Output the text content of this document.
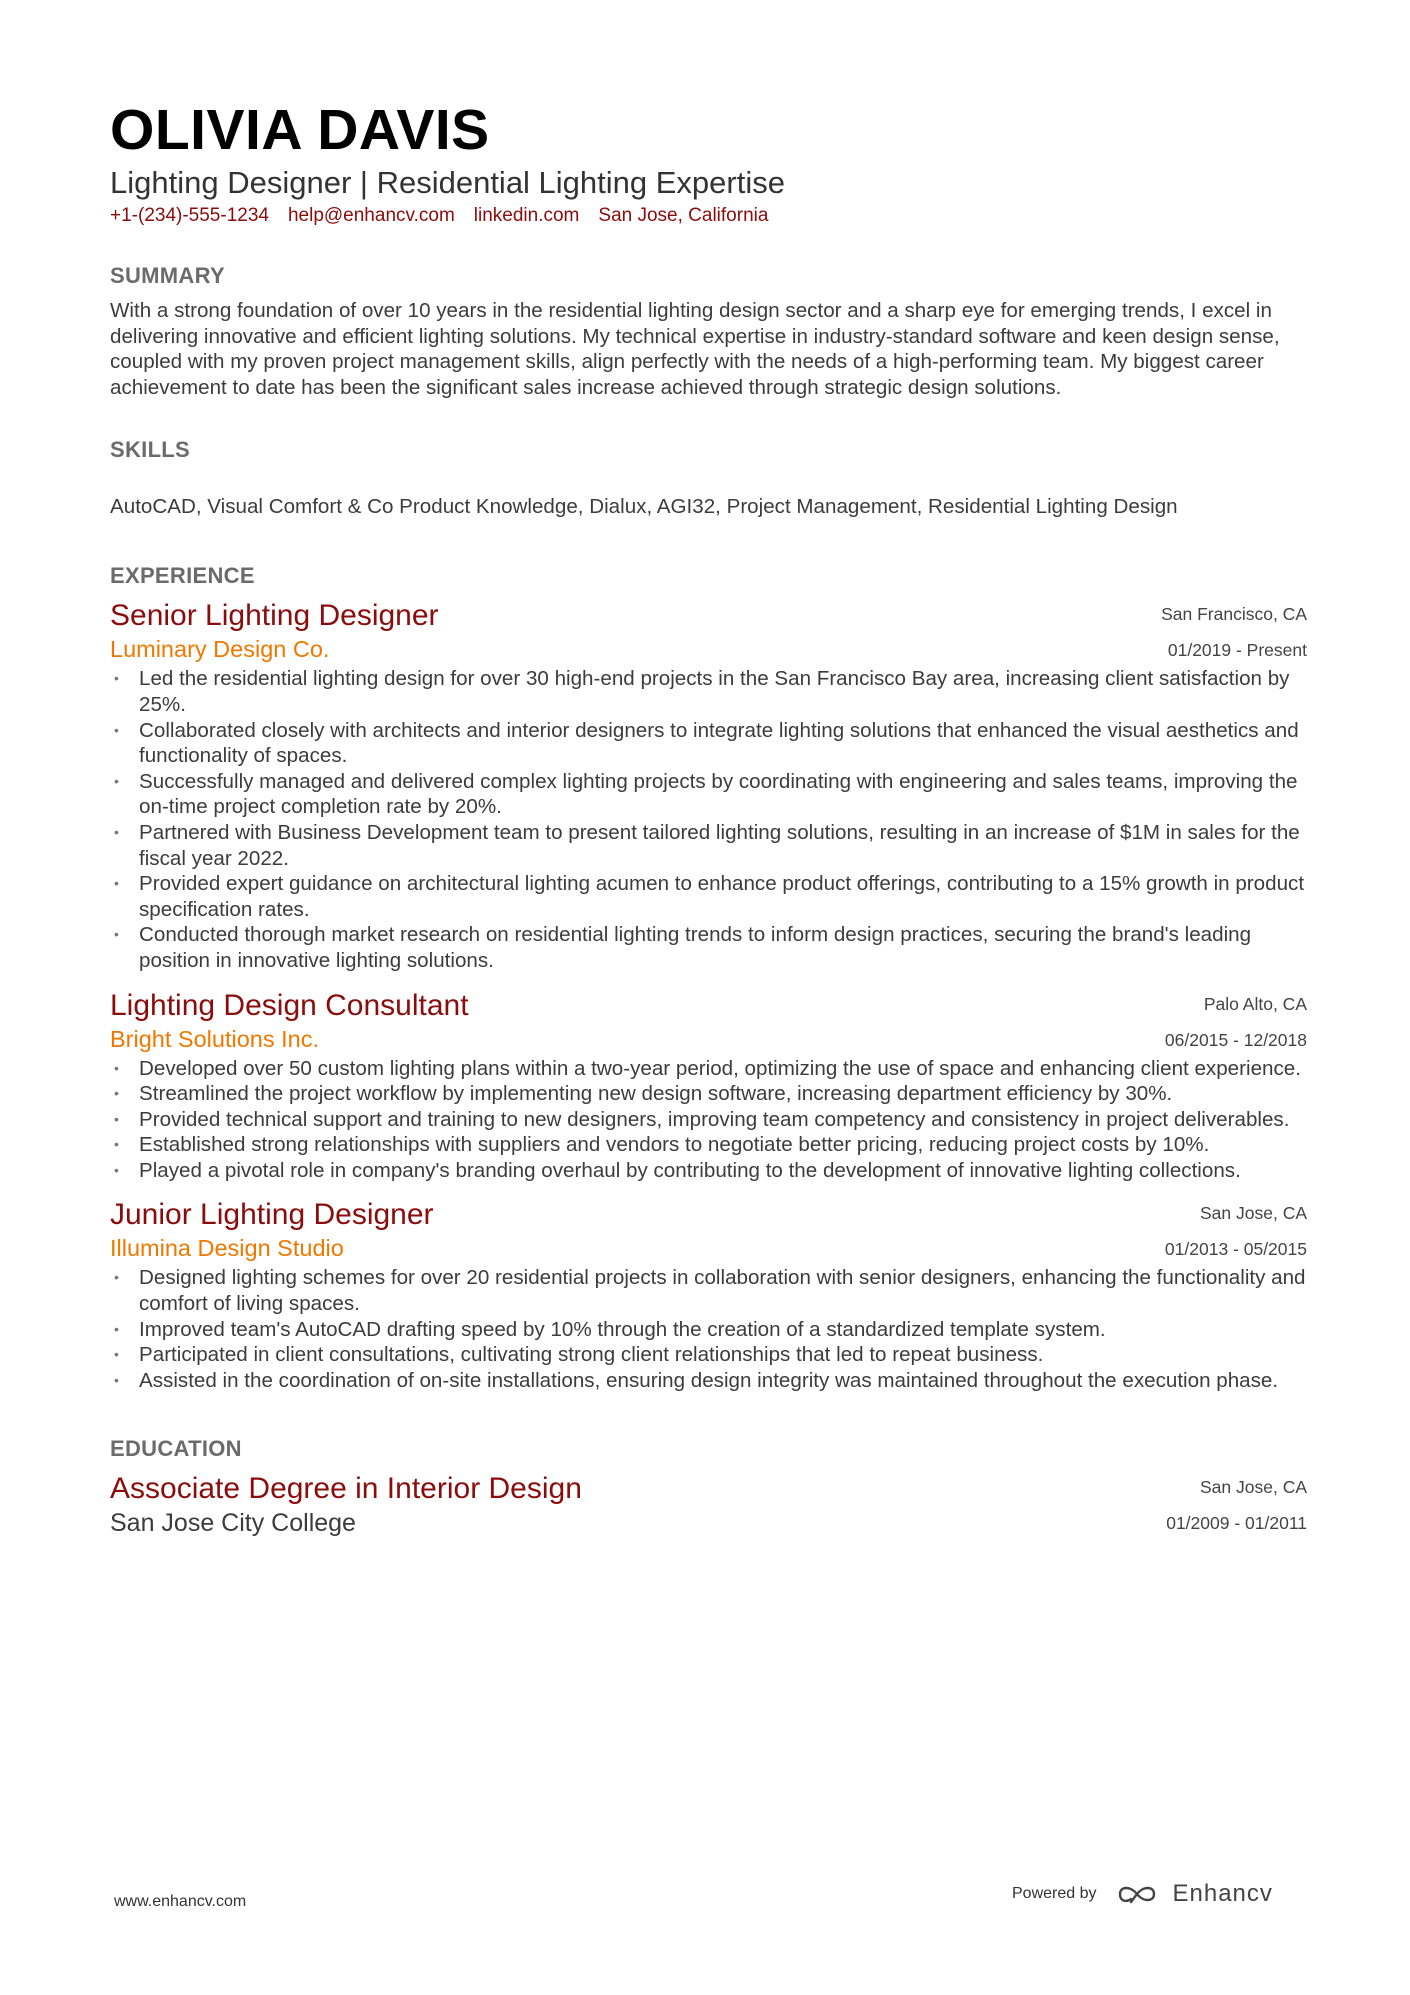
OLIVIA DAVIS
Lighting Designer | Residential Lighting Expertise
+1-(234)-555-1234 help@enhancv.com linkedin.com San Jose, California
SUMMARY

With a strong foundation of over 10 years in the residential lighting design sector and a sharp eye for emerging trends, I excel in delivering innovative and efficient lighting solutions. My technical expertise in industry-standard software and keen design sense, coupled with my proven project management skills, align perfectly with the needs of a high-performing team. My biggest career achievement to date has been the significant sales increase achieved through strategic design solutions.

SKILLS

AutoCAD, Visual Comfort & Co Product Knowledge, Dialux, AGI32, Project Management, Residential Lighting Design

EXPERIENCE
Senior Lighting Designer
Luminary Design Co.
San Francisco, CA
01/2019 - Present
• Led the residential lighting design for over 30 high-end projects in the San Francisco Bay area, increasing client satisfaction by 25%.
• Collaborated closely with architects and interior designers to integrate lighting solutions that enhanced the visual aesthetics and functionality of spaces.
• Successfully managed and delivered complex lighting projects by coordinating with engineering and sales teams, improving the on-time project completion rate by 20%.
• Partnered with Business Development team to present tailored lighting solutions, resulting in an increase of $1M in sales for the fiscal year 2022.
• Provided expert guidance on architectural lighting acumen to enhance product offerings, contributing to a 15% growth in product specification rates.
• Conducted thorough market research on residential lighting trends to inform design practices, securing the brand's leading position in innovative lighting solutions.
Lighting Design Consultant
Bright Solutions Inc.
Palo Alto, CA
06/2015 - 12/2018
• Developed over 50 custom lighting plans within a two-year period, optimizing the use of space and enhancing client experience.
• Streamlined the project workflow by implementing new design software, increasing department efficiency by 30%.
• Provided technical support and training to new designers, improving team competency and consistency in project deliverables.
• Established strong relationships with suppliers and vendors to negotiate better pricing, reducing project costs by 10%.
• Played a pivotal role in company's branding overhaul by contributing to the development of innovative lighting collections.
Junior Lighting Designer
Illumina Design Studio
San Jose, CA
01/2013 - 05/2015
• Designed lighting schemes for over 20 residential projects in collaboration with senior designers, enhancing the functionality and comfort of living spaces.
• Improved team's AutoCAD drafting speed by 10% through the creation of a standardized template system.
• Participated in client consultations, cultivating strong client relationships that led to repeat business.
• Assisted in the coordination of on-site installations, ensuring design integrity was maintained throughout the execution phase.
EDUCATION
Associate Degree in Interior Design
San Jose City College
San Jose, CA
01/2009 - 01/2011
www.enhancv.com	Powered by	Enhancv
